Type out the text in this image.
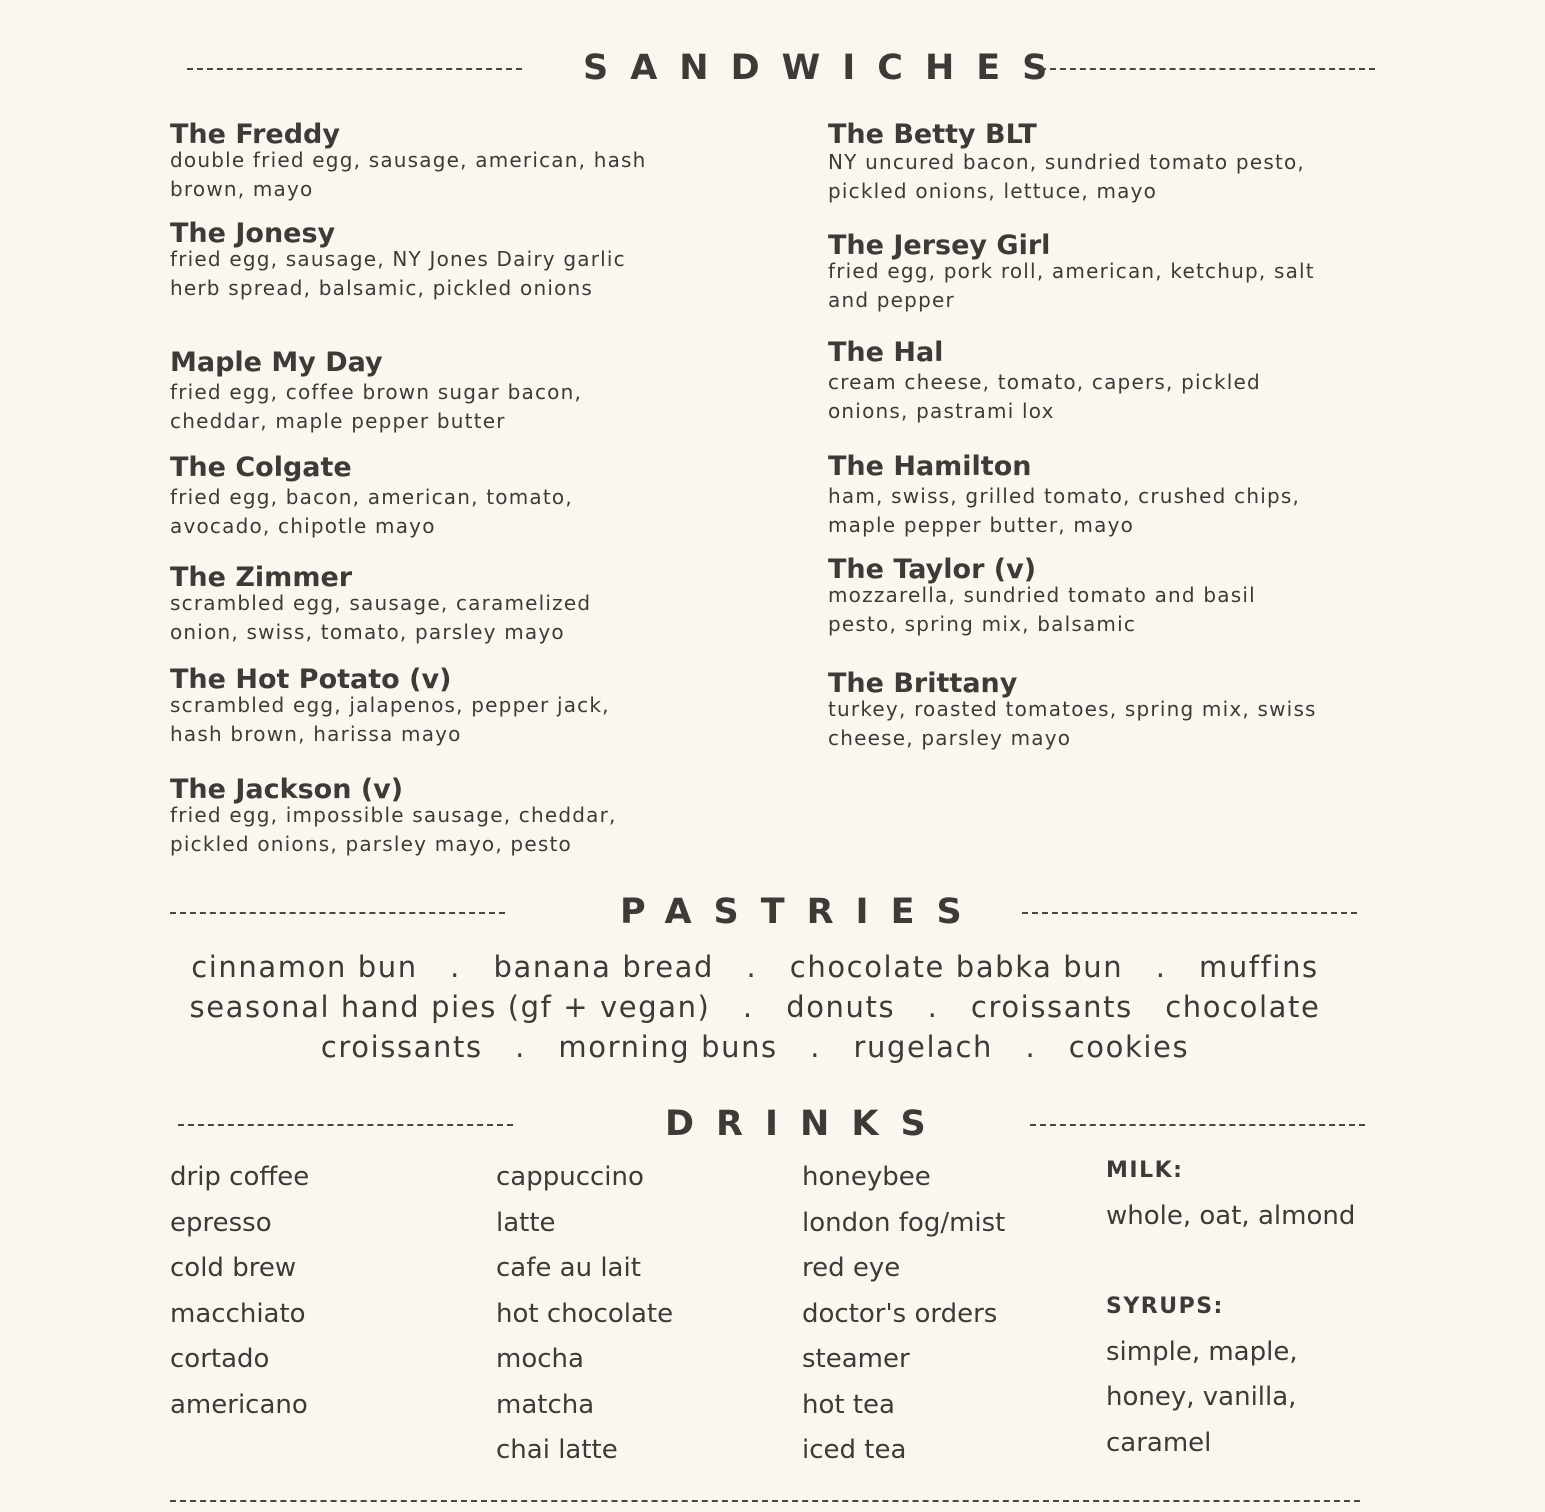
SANDWICHES
The Freddy
double fried egg, sausage, american, hash brown, mayo
The Jonesy
fried egg, sausage, NY Jones Dairy garlic herb spread, balsamic, pickled onions
Maple My Day
fried egg, coffee brown sugar bacon, cheddar, maple pepper butter
The Colgate
fried egg, bacon, american, tomato, avocado, chipotle mayo
The Zimmer
scrambled egg, sausage, caramelized onion, swiss, tomato, parsley mayo
The Hot Potato (v)
scrambled egg, jalapenos, pepper jack, hash brown, harissa mayo
The Jackson (v)
fried egg, impossible sausage, cheddar, pickled onions, parsley mayo, pesto
The Betty BLT
NY uncured bacon, sundried tomato pesto, pickled onions, lettuce, mayo
The Jersey Girl
fried egg, pork roll, american, ketchup, salt and pepper
The Hal
cream cheese, tomato, capers, pickled onions, pastrami lox
The Hamilton
ham, swiss, grilled tomato, crushed chips, maple pepper butter, mayo
The Taylor (v)
mozzarella, sundried tomato and basil pesto, spring mix, balsamic
The Brittany
turkey, roasted tomatoes, spring mix, swiss cheese, parsley mayo
PASTRIES
cinnamon bun   .   banana bread   .   chocolate babka bun   .   muffins
seasonal hand pies (gf + vegan)   .   donuts   .   croissants   chocolate
croissants   .   morning buns   .   rugelach   .   cookies
DRINKS
drip coffee
epresso
cold brew
macchiato
cortado
americano
cappuccino
latte
cafe au lait
hot chocolate
mocha
matcha
chai latte
honeybee
london fog/mist
red eye
doctor's orders
steamer
hot tea
iced tea
MILK:
whole, oat, almond
SYRUPS:
simple, maple,
honey, vanilla,
caramel
